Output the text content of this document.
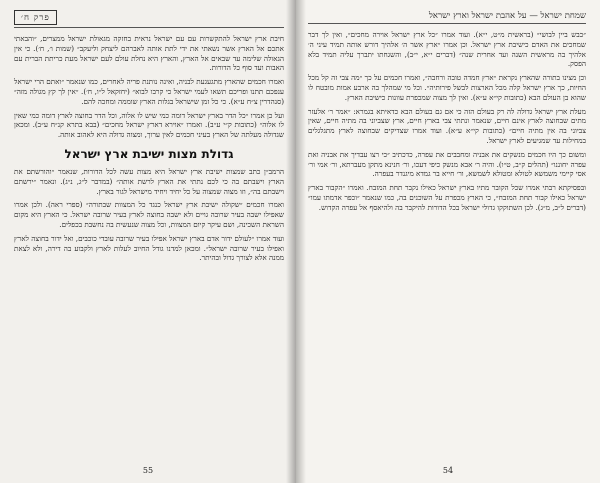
פרק ח׳

חיבת ארץ ישראל להתקשרות עם עם ישראל נראית בחזקה מגאולת ישראל ממצרים, ״והבאתי אתכם אל הארץ אשר נשאתי את ידי לתת אותה לאברהם ליצחק וליעקב״ (שמות ו׳, ח׳). כי אין הגאולה שלימה עד שבאים אל הארץ, והארץ היא נחלת עולם לעם ישראל מעת כריתת הברית עם האבות ועד סוף כל הדורות.

ואמרו חכמים שהארץ מתגעגעת לבניה, ואינה נותנת פריה לאחרים, כמו שנאמר ״ואתם הרי ישראל ענפכם תתנו ופריכם תשאו לעמי ישראל כי קרבו לבוא״ (יחזקאל ל״ו, ח׳). ״אין לך קץ מגולה מזה״ (סנהדרין צ״ח ע״א). כי כל זמן שישראל בגלות הארץ שוממה ומחכה להם.

ועל כן אמרו ״כל הדר בארץ ישראל דומה כמי שיש לו אלוה, וכל הדר בחוצה לארץ דומה כמי שאין לו אלוה״ (כתובות ק״י ע״ב). ואמרו ״אוירא דארץ ישראל מחכים״ (בבא בתרא קנ״ח ע״ב). ומכאן שגדולה מעלתה של הארץ בעיני חכמים לאין ערוך, ומצוה גדולה היא לאהוב אותה.

גדולת מצות ישיבת ארץ ישראל

הרמב״ן כתב שמצות ישיבת ארץ ישראל היא מצות עשה לכל הדורות, שנאמר ״והורשתם את הארץ וישבתם בה כי לכם נתתי את הארץ לרשת אותה״ (במדבר ל״ג, נ״ג). ונאמר ״ירשתם וישבתם בה״, וזו מצוה שמצוה על כל יחיד ויחיד מישראל לגור בארץ.

ואמרו חכמים ״שקולה ישיבת ארץ ישראל כנגד כל המצוות שבתורה״ (ספרי ראה). ולכן אמרו שאפילו ישבה בעיר שרובה גויים ולא ישבה בחוצה לארץ בעיר שרובה ישראל. כי הארץ היא מקום השראת השכינה, ושם עיקר קיום המצוות, וכל מצוה שנעשית בה נחשבת בכפלים.

ועוד אמרו ״לעולם ידור אדם בארץ ישראל אפילו בעיר שרובה עובדי כוכבים, ואל ידור בחוצה לארץ ואפילו בעיר שרובה ישראל״. ומכאן למדנו גודל החיוב לעלות לארץ ולקבוע בה דירה, ולא לצאת ממנה אלא לצורך גדול ובהיתר.

55
שמחת ישראל — על אהבת ישראל וארץ ישראל

״כבש ביין לבושי״ (בראשית מ״ט, י״א). ועוד אמרו ״כל ארץ ישראל אוירה מחכים״, ואין לך דבר שמחכים את האדם כישיבת ארץ ישראל. וכן אמרו ״ארץ אשר ה׳ אלהיך דורש אותה תמיד עיני ה׳ אלהיך בה מראשית השנה ועד אחרית שנה״ (דברים י״א, י״ב), והשגחתו יתברך עליה תמיד בלא הפסק.

וכן מצינו בתורה שהארץ נקראת ״ארץ חמדה טובה ורחבה״, ואמרו חכמים על כך ״מה צבי זה קל מכל החיות, כך ארץ ישראל קלה מכל הארצות לבשל פירותיה״. וכל מי שמהלך בה ארבע אמות מובטח לו שהוא בן העולם הבא (כתובות קי״א ע״א). ואין לך מצוה שמכפרת עוונות כישיבת הארץ.

מעלת ארץ ישראל גדולה לה רק בעולם הזה כי אם גם בעולם הבא כדאיתא בגמרא: ״אמר ר׳ אלעזר מתים שבחוצה לארץ אינם חיים, שנאמר ונתתי צבי בארץ חיים, ארץ שצביוני בה מתיה חיים, שאין צביוני בה אין מתיה חיים״ (כתובות קי״א ע״א). ועוד אמרו שצדיקים שבחוצה לארץ מתגלגלים במחילות עד שמגיעים לארץ ישראל.

ומשום כך היו חכמים מנשקים את אבניה ומחבבים את עפרה, כדכתיב ״כי רצו עבדיך את אבניה ואת עפרה יחוננו״ (תהלים ק״ב, ט״ו). והיה ר׳ אבא מנשק כיפי דעכו, ור׳ חנינא מתקן מעברתא, ור׳ אמי ור׳ אסי קיימי משמשא לטולא ומטולא לשמשא, ור׳ חייא בר גמדא מיגנדר בעפרה.

ובפסיקתא רבתי אמרו שכל הקובר מתיו בארץ ישראל כאילו נקבר תחת המזבח. ואמרו ״הקבור בארץ ישראל כאילו קבור תחת המזבח״, כי הארץ מכפרת על השוכנים בה, כמו שנאמר ״וכפר אדמתו עמו״ (דברים ל״ב, מ״ג). לכן השתוקקו גדולי ישראל בכל הדורות להיקבר בה ולהיאסף אל עפרה הקדוש.

54
